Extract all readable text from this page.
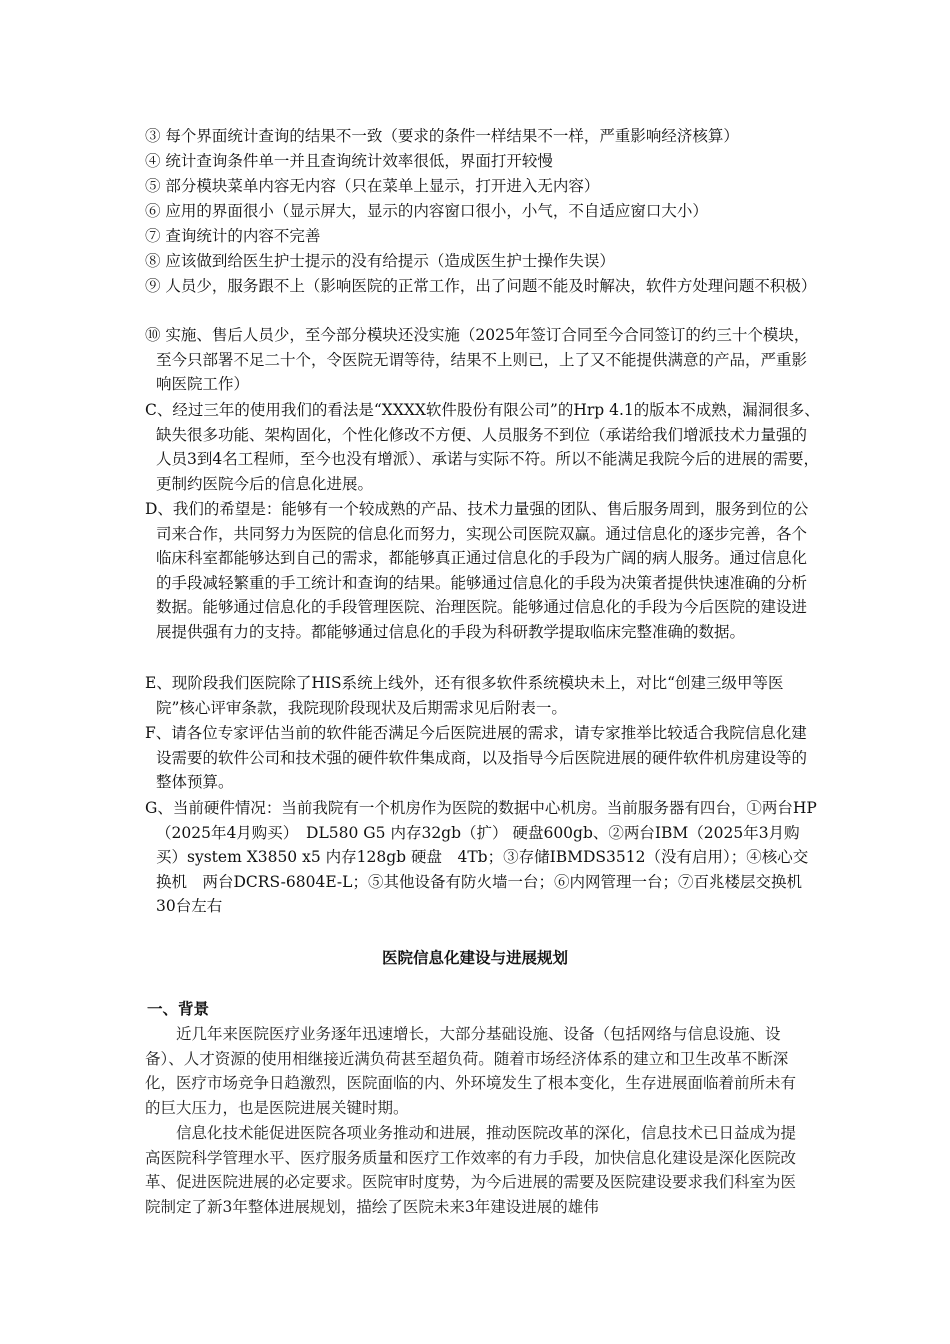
③ 每个界面统计查询的结果不一致（要求的条件一样结果不一样，严重影响经济核算）
④ 统计查询条件单一并且查询统计效率很低，界面打开较慢
⑤ 部分模块菜单内容无内容（只在菜单上显示，打开进入无内容）
⑥ 应用的界面很小（显示屏大，显示的内容窗口很小，小气，不自适应窗口大小）
⑦ 查询统计的内容不完善
⑧ 应该做到给医生护士提示的没有给提示（造成医生护士操作失误）
⑨ 人员少，服务跟不上（影响医院的正常工作，出了问题不能及时解决，软件方处理问题不积极）
⑩ 实施、售后人员少，至今部分模块还没实施（2025年签订合同至今合同签订的约三十个模块，至今只部署不足二十个，令医院无谓等待，结果不上则已，上了又不能提供满意的产品，严重影响医院工作）
C、经过三年的使用我们的看法是“XXXX软件股份有限公司”的Hrp 4.1的版本不成熟，漏洞很多、缺失很多功能、架构固化，个性化修改不方便、人员服务不到位（承诺给我们增派技术力量强的人员3到4名工程师，至今也没有增派）、承诺与实际不符。所以不能满足我院今后的进展的需要，更制约医院今后的信息化进展。
D、我们的希望是：能够有一个较成熟的产品、技术力量强的团队、售后服务周到，服务到位的公司来合作，共同努力为医院的信息化而努力，实现公司医院双赢。通过信息化的逐步完善，各个临床科室都能够达到自己的需求，都能够真正通过信息化的手段为广阔的病人服务。通过信息化的手段减轻繁重的手工统计和查询的结果。能够通过信息化的手段为决策者提供快速准确的分析数据。能够通过信息化的手段管理医院、治理医院。能够通过信息化的手段为今后医院的建设进展提供强有力的支持。都能够通过信息化的手段为科研教学提取临床完整准确的数据。
E、现阶段我们医院除了HIS系统上线外，还有很多软件系统模块未上，对比“创建三级甲等医院”核心评审条款，我院现阶段现状及后期需求见后附表一。
F、请各位专家评估当前的软件能否满足今后医院进展的需求，请专家推举比较适合我院信息化建设需要的软件公司和技术强的硬件软件集成商，以及指导今后医院进展的硬件软件机房建设等的整体预算。
G、当前硬件情况：当前我院有一个机房作为医院的数据中心机房。当前服务器有四台，①两台HP（2025年4月购买）　DL580 G5 内存32gb（扩） 硬盘600gb、②两台IBM（2025年3月购买）system X3850 x5 内存128gb 硬盘　4Tb；③存储IBMDS3512（没有启用）；④核心交换机　两台DCRS-6804E-L；⑤其他设备有防火墙一台；⑥内网管理一台；⑦百兆楼层交换机30台左右
医院信息化建设与进展规划
一、背景
近几年来医院医疗业务逐年迅速增长，大部分基础设施、设备（包括网络与信息设施、设备）、人才资源的使用相继接近满负荷甚至超负荷。随着市场经济体系的建立和卫生改革不断深化，医疗市场竞争日趋激烈，医院面临的内、外环境发生了根本变化，生存进展面临着前所未有的巨大压力，也是医院进展关键时期。
信息化技术能促进医院各项业务推动和进展，推动医院改革的深化，信息技术已日益成为提高医院科学管理水平、医疗服务质量和医疗工作效率的有力手段，加快信息化建设是深化医院改革、促进医院进展的必定要求。医院审时度势，为今后进展的需要及医院建设要求我们科室为医院制定了新3年整体进展规划，描绘了医院未来3年建设进展的雄伟
